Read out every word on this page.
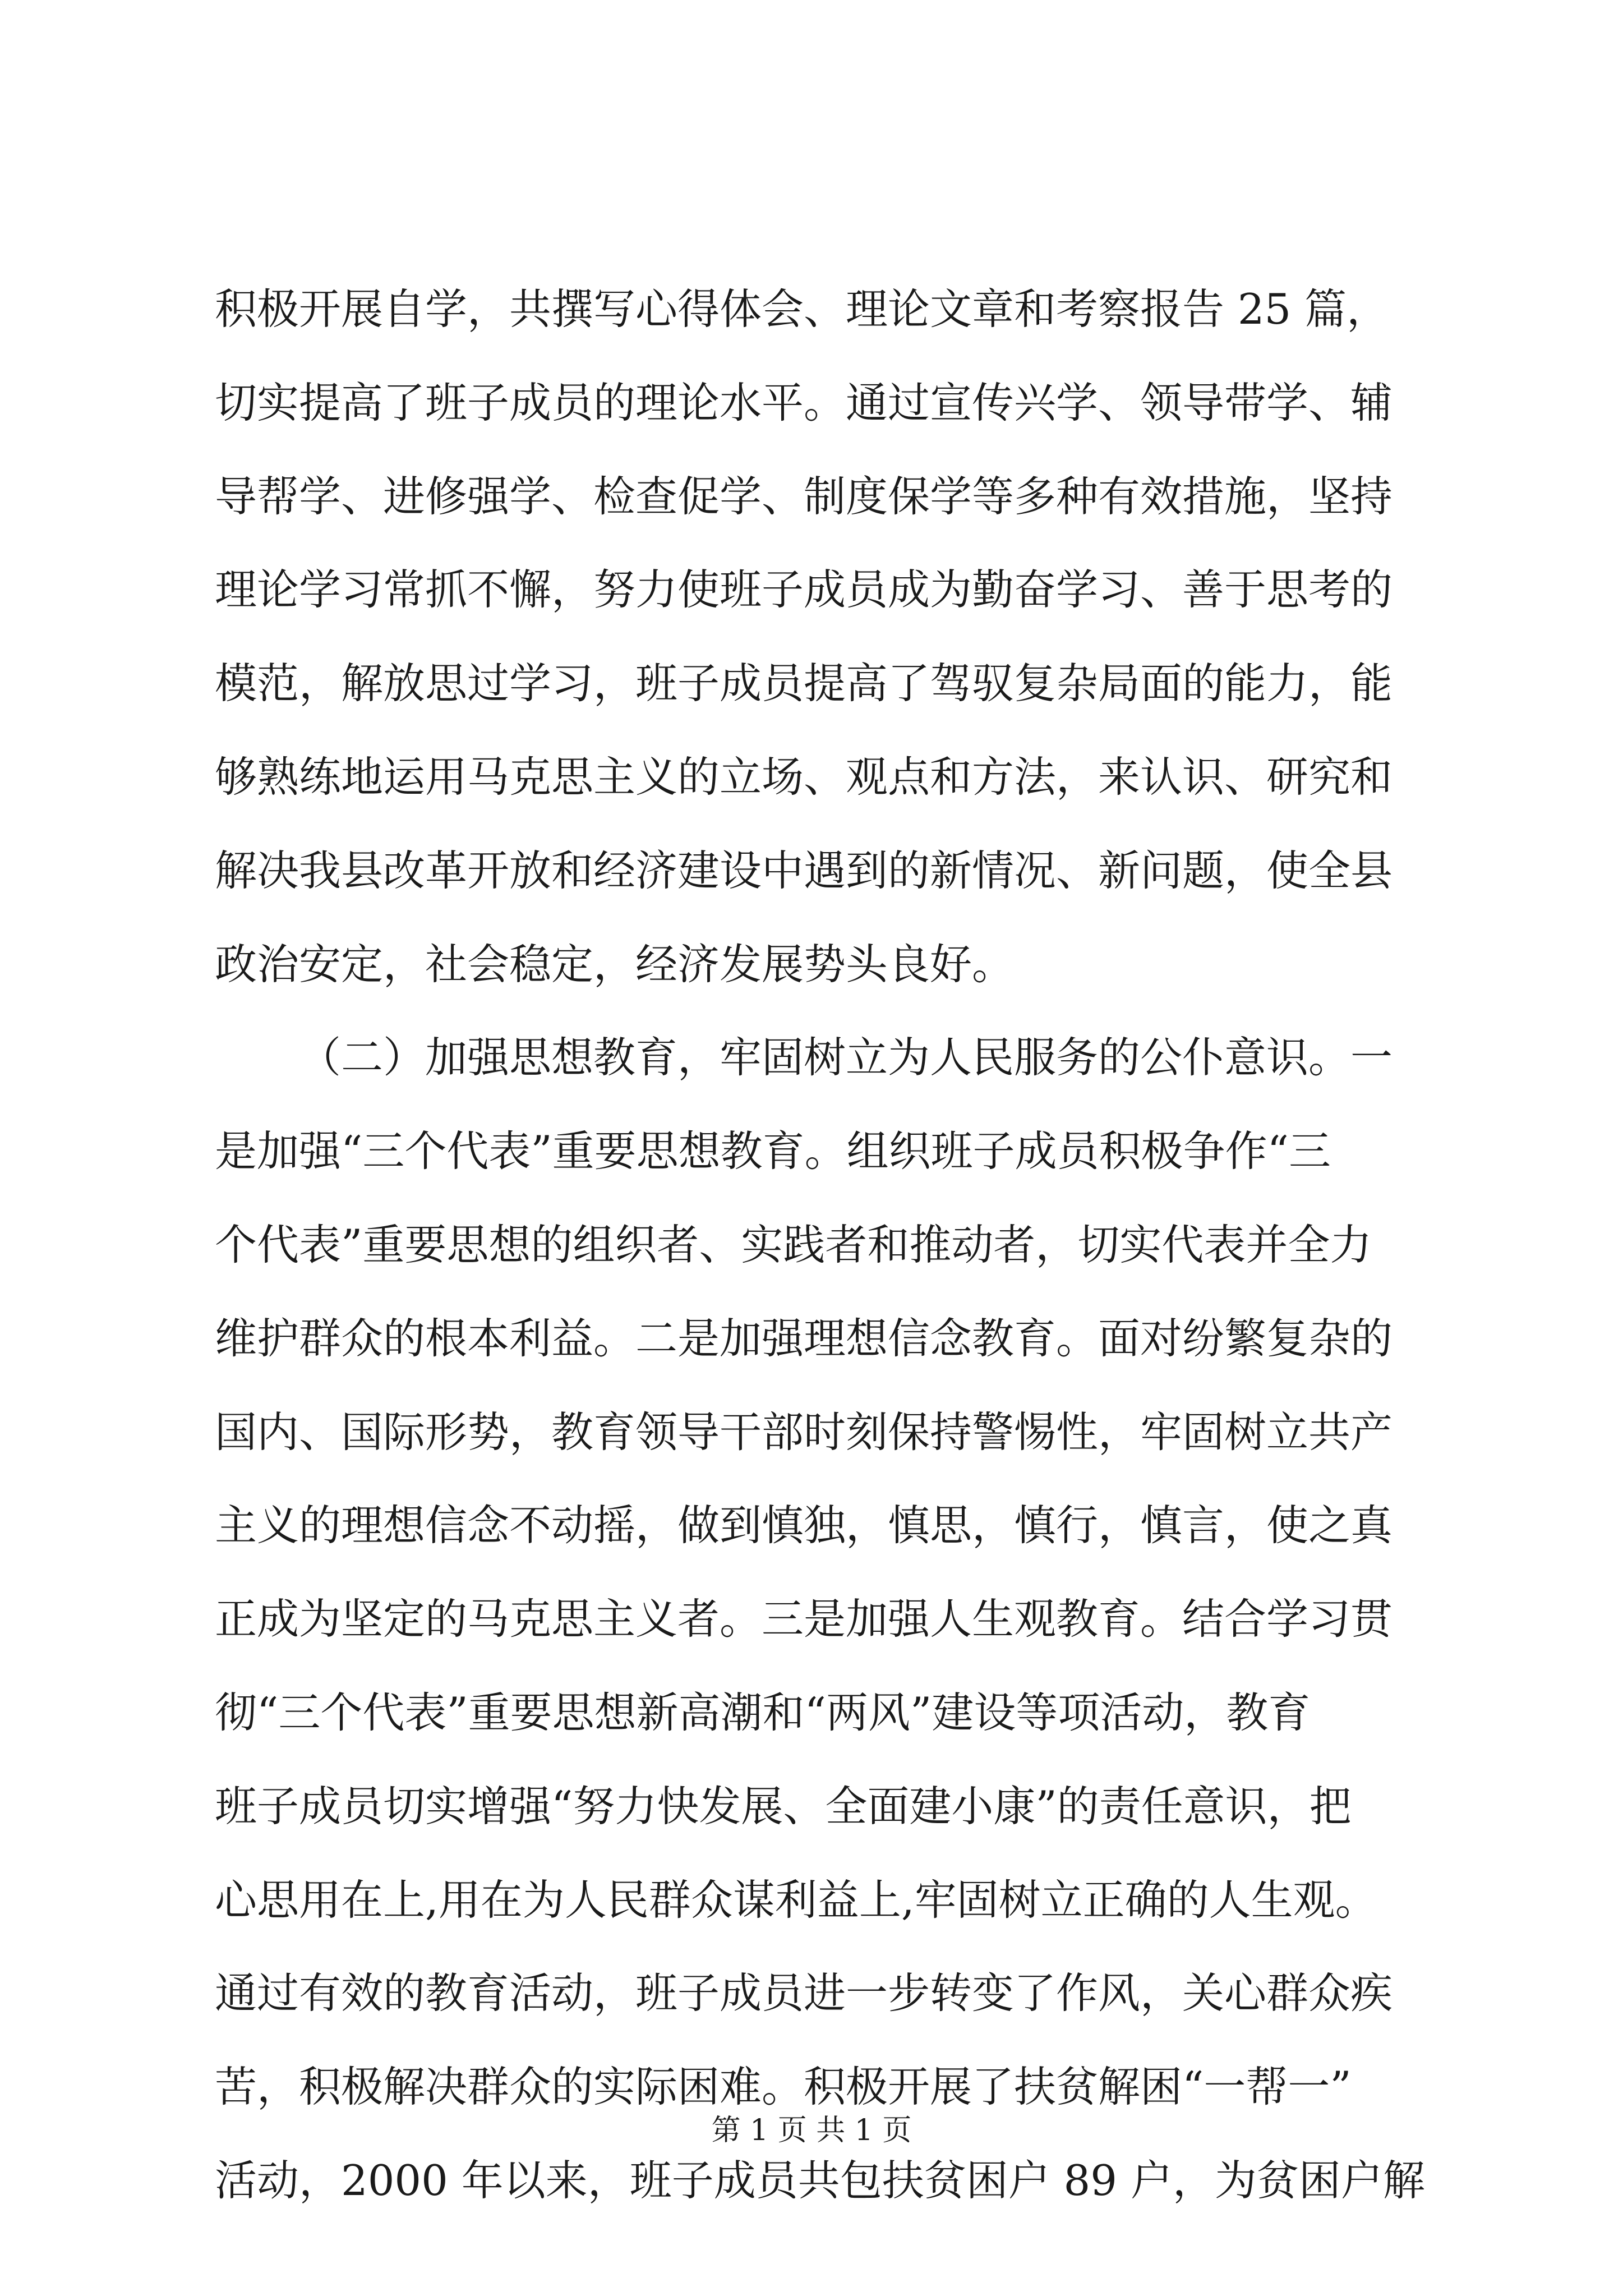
积极开展自学，共撰写心得体会、理论文章和考察报告 25 篇，
切实提高了班子成员的理论水平。通过宣传兴学、领导带学、辅
导帮学、进修强学、检查促学、制度保学等多种有效措施，坚持
理论学习常抓不懈，努力使班子成员成为勤奋学习、善于思考的
模范，解放思过学习，班子成员提高了驾驭复杂局面的能力，能
够熟练地运用马克思主义的立场、观点和方法，来认识、研究和
解决我县改革开放和经济建设中遇到的新情况、新问题，使全县
政治安定，社会稳定，经济发展势头良好。
（二）加强思想教育，牢固树立为人民服务的公仆意识。一
是加强“三个代表”重要思想教育。组织班子成员积极争作“三
个代表”重要思想的组织者、实践者和推动者，切实代表并全力
维护群众的根本利益。二是加强理想信念教育。面对纷繁复杂的
国内、国际形势，教育领导干部时刻保持警惕性，牢固树立共产
主义的理想信念不动摇，做到慎独，慎思，慎行，慎言，使之真
正成为坚定的马克思主义者。三是加强人生观教育。结合学习贯
彻“三个代表”重要思想新高潮和“两风”建设等项活动，教育
班子成员切实增强“努力快发展、全面建小康”的责任意识，把
心思用在上,用在为人民群众谋利益上,牢固树立正确的人生观。
通过有效的教育活动，班子成员进一步转变了作风，关心群众疾
苦，积极解决群众的实际困难。积极开展了扶贫解困“一帮一”
活动，2000 年以来，班子成员共包扶贫困户 89 户，为贫困户解
第 1 页 共 1 页
